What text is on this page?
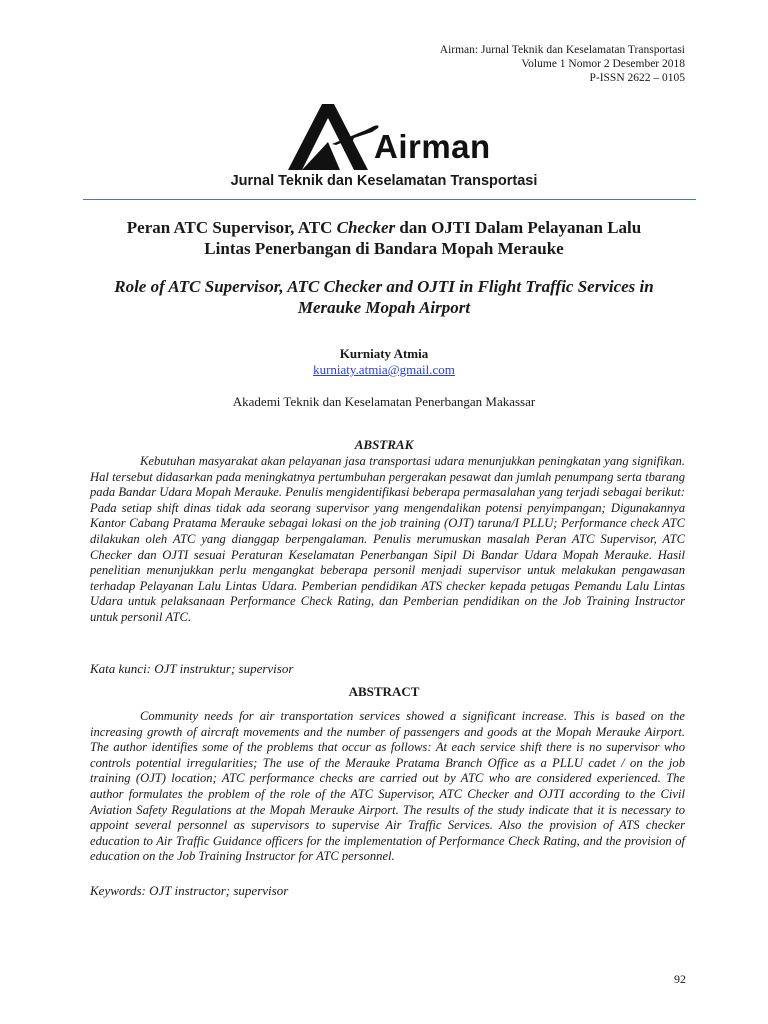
Airman: Jurnal Teknik dan Keselamatan Transportasi
Volume 1 Nomor 2 Desember 2018
P-ISSN 2622 – 0105
Airman
Jurnal Teknik dan Keselamatan Transportasi
Peran ATC Supervisor, ATC Checker dan OJTI Dalam Pelayanan Lalu
Lintas Penerbangan di Bandara Mopah Merauke
Role of ATC Supervisor, ATC Checker and OJTI in Flight Traffic Services in
Merauke Mopah Airport
Kurniaty Atmia
kurniaty.atmia@gmail.com
Akademi Teknik dan Keselamatan Penerbangan Makassar
ABSTRAK

Kebutuhan masyarakat akan pelayanan jasa transportasi udara menunjukkan peningkatan yang signifikan. Hal tersebut didasarkan pada meningkatnya pertumbuhan pergerakan pesawat dan jumlah penumpang serta tbarang pada Bandar Udara Mopah Merauke. Penulis mengidentifikasi beberapa permasalahan yang terjadi sebagai berikut: Pada setiap shift dinas tidak ada seorang supervisor yang mengendalikan potensi penyimpangan; Digunakannya Kantor Cabang Pratama Merauke sebagai lokasi on the job training (OJT) taruna/I PLLU; Performance check ATC dilakukan oleh ATC yang dianggap berpengalaman. Penulis merumuskan masalah Peran ATC Supervisor, ATC Checker dan OJTI sesuai Peraturan Keselamatan Penerbangan Sipil Di Bandar Udara Mopah Merauke. Hasil penelitian menunjukkan perlu mengangkat beberapa personil menjadi supervisor untuk melakukan pengawasan terhadap Pelayanan Lalu Lintas Udara. Pemberian pendidikan ATS checker kepada petugas Pemandu Lalu Lintas Udara untuk pelaksanaan Performance Check Rating, dan Pemberian pendidikan on the Job Training Instructor untuk personil ATC.

Kata kunci: OJT instruktur; supervisor
ABSTRACT

Community needs for air transportation services showed a significant increase. This is based on the increasing growth of aircraft movements and the number of passengers and goods at the Mopah Merauke Airport. The author identifies some of the problems that occur as follows: At each service shift there is no supervisor who controls potential irregularities; The use of the Merauke Pratama Branch Office as a PLLU cadet / on the job training (OJT) location; ATC performance checks are carried out by ATC who are considered experienced. The author formulates the problem of the role of the ATC Supervisor, ATC Checker and OJTI according to the Civil Aviation Safety Regulations at the Mopah Merauke Airport. The results of the study indicate that it is necessary to appoint several personnel as supervisors to supervise Air Traffic Services. Also the provision of ATS checker education to Air Traffic Guidance officers for the implementation of Performance Check Rating, and the provision of education on the Job Training Instructor for ATC personnel.

Keywords: OJT instructor; supervisor
92
